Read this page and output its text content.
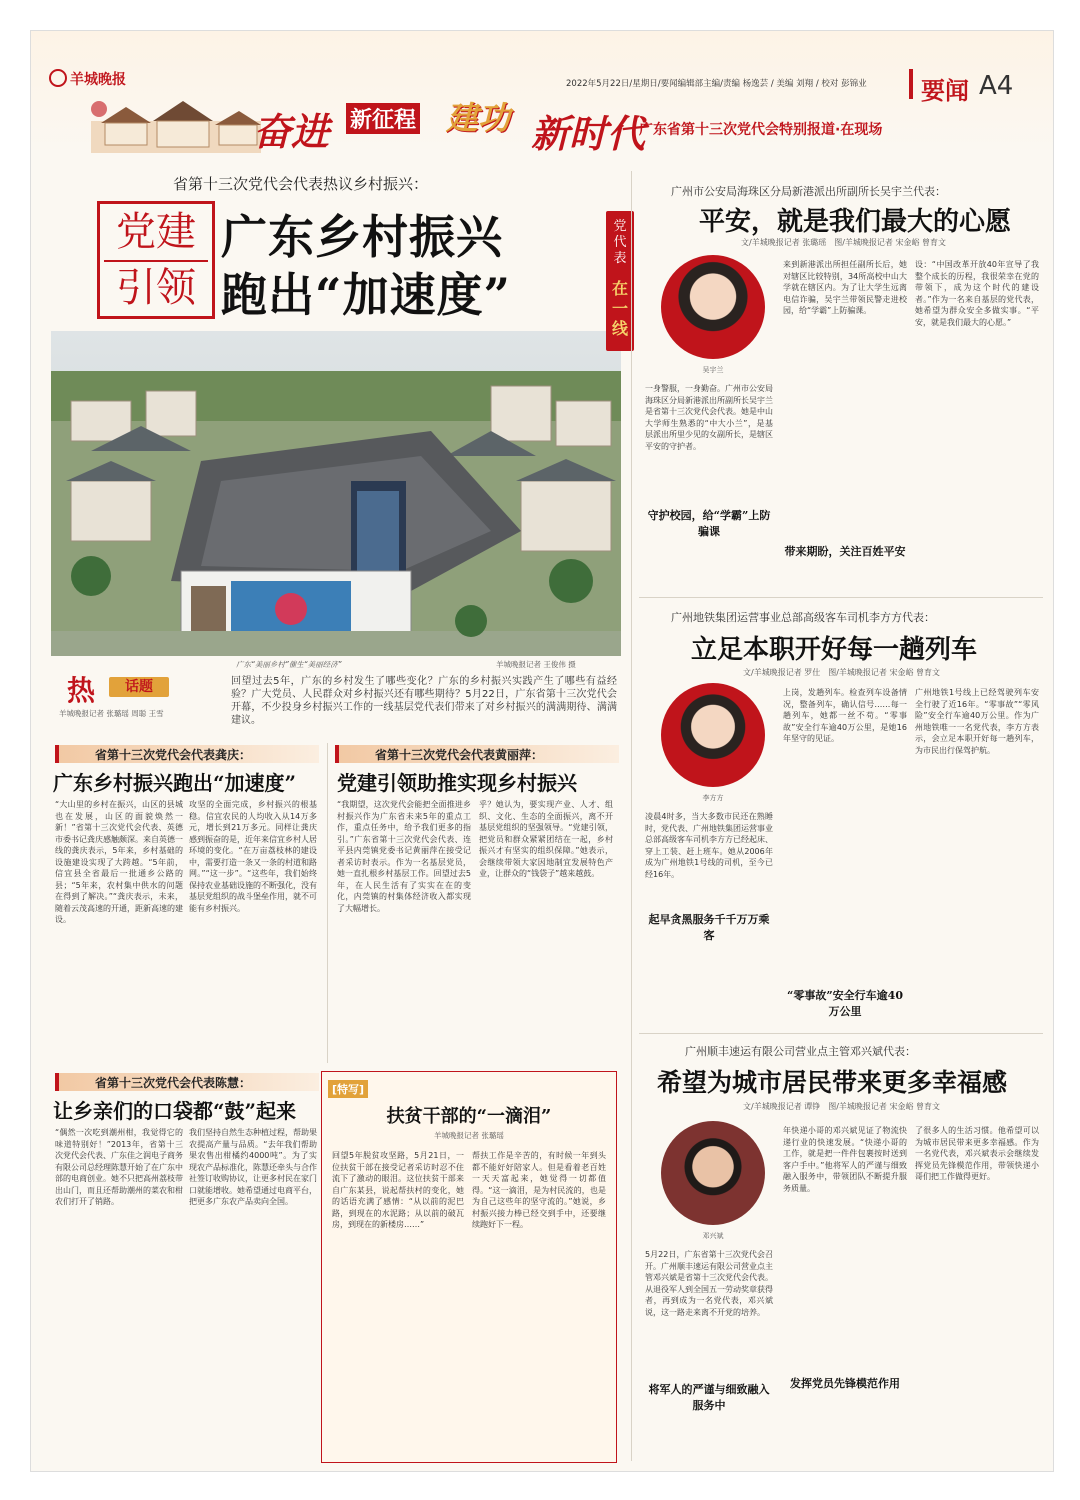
羊城晚报	2022年5月22日/星期日/要闻编辑部主编/责编 杨逸芸 / 美编 刘翔 / 校对 彭锦业 要闻 A4
奋进 新征程 建功 新时代
广东省第十三次党代会特别报道·在现场
省第十三次党代会代表热议乡村振兴：
党建
引领
广东乡村振兴
跑出“加速度”
广东“美丽乡村”催生“美丽经济”	羊城晚报记者 王俊伟 摄
热	话题
羊城晚报记者 张璐瑶 周聪 王雪
回望过去5年，广东的乡村发生了哪些变化？广东的乡村振兴实践产生了哪些有益经验？广大党员、人民群众对乡村振兴还有哪些期待？5月22日，广东省第十三次党代会开幕，不少投身乡村振兴工作的一线基层党代表们带来了对乡村振兴的满满期待、满满建议。
省第十三次党代会代表龚庆：
广东乡村振兴跑出“加速度”
“大山里的乡村在振兴，山区的县城也在发展，山区的面貌焕然一新！”省第十三次党代会代表、英德市委书记龚庆感触颇深。来自英德一线的龚庆表示，5年来，乡村基础的设施建设实现了大跨越。“5年前，信宜县全省最后一批通乡公路的县；“5年来，农村集中供水的问题在得到了解决。”“龚庆表示，未来，随着云茂高速的开通，距新高速的建设。
攻坚的全面完成，乡村振兴的根基稳。信宜农民的人均收入从14万多元，增长到21万多元。同样让龚庆感到振奋的是，近年来信宜乡村人居环境的变化。“在万亩荔枝林的建设中，需要打造一条又一条的村道和路网。”“这一步”。“这些年，我们始终保持农业基础设施的不断强化，没有基层党组织的战斗堡垒作用，就不可能有乡村振兴。
省第十三次党代会代表黄丽萍：
党建引领助推实现乡村振兴
“我期望，这次党代会能把全面推进乡村振兴作为广东省未来5年的重点工作，重点任务中，给予我们更多的指引。”广东省第十三次党代会代表、连平县内莞镇党委书记黄丽萍在接受记者采访时表示。作为一名基层党员，她一直扎根乡村基层工作。回望过去5年，在人民生活有了实实在在的变化，内莞镇的村集体经济收入都实现了大幅增长。
乎？她认为，要实现产业、人才、组织、文化、生态的全面振兴，离不开基层党组织的坚强领导。“党建引领，把党员和群众紧紧团结在一起，乡村振兴才有坚实的组织保障。”她表示，会继续带领大家因地制宜发展特色产业，让群众的“钱袋子”越来越鼓。
省第十三次党代会代表陈慧：
让乡亲们的口袋都“鼓”起来
“偶然一次吃到潮州柑，我觉得它的味道特别好！”2013年，省第十三次党代会代表、广东佳之润电子商务有限公司总经理陈慧开始了在广东中部的电商创业。她不只把高州荔枝带出山门，而且还帮助潮州的菜农和柑农们打开了销路。
我们坚持自然生态种植过程，帮助果农提高产量与品质。“去年我们帮助果农售出柑橘约4000吨”。为了实现农产品标准化，陈慧还牵头与合作社签订收购协议，让更多村民在家门口就能增收。她希望通过电商平台，把更多广东农产品卖向全国。
[特写]
扶贫干部的“一滴泪”
羊城晚报记者 张璐瑶
回望5年脱贫攻坚路，5月21日，一位扶贫干部在接受记者采访时忍不住流下了激动的眼泪。这位扶贫干部来自广东某县，说起帮扶村的变化，她的话语充满了感情：“从以前的泥巴路，到现在的水泥路；从以前的破瓦房，到现在的新楼房……”
帮扶工作是辛苦的，有时候一年到头都不能好好陪家人。但是看着老百姓一天天富起来，她觉得一切都值得。“这一滴泪，是为村民流的，也是为自己这些年的坚守流的。”她说，乡村振兴接力棒已经交到手中，还要继续跑好下一程。
党代表
在一线
广州市公安局海珠区分局新港派出所副所长吴宇兰代表：
平安，就是我们最大的心愿
文/羊城晚报记者 张璐瑶　图/羊城晚报记者 宋金峪 曾育文
吴宇兰
一身警服，一身勤奋。广州市公安局海珠区分局新港派出所副所长吴宇兰是省第十三次党代会代表。她是中山大学师生熟悉的“中大小兰”，是基层派出所里少见的女副所长，是辖区平安的守护者。
守护校园，给“学霸”上防骗课
来到新港派出所担任副所长后，她对辖区比较特别，34所高校中山大学就在辖区内。为了让大学生远离电信诈骗，吴宇兰带领民警走进校园，给“学霸”上防骗课。
带来期盼，关注百姓平安
设：“中国改革开放40年宣导了我整个成长的历程，我很荣幸在党的带领下，成为这个时代的建设者。”作为一名来自基层的党代表，她希望为群众安全多做实事。“平安，就是我们最大的心愿。”
广州地铁集团运营事业总部高级客车司机李方方代表：
立足本职开好每一趟列车
文/羊城晚报记者 罗仕　图/羊城晚报记者 宋金峪 曾育文
李方方
凌晨4时多，当大多数市民还在熟睡时，党代表、广州地铁集团运营事业总部高级客车司机李方方已经起床、穿上工装、赶上班车。她从2006年成为广州地铁1号线的司机，至今已经16年。
起早贪黑服务千千万万乘客
上岗，发趟列车。检查列车设备情况，整备列车，确认信号……每一趟列车，她都一丝不苟。“零事故”安全行车逾40万公里，是她16年坚守的见证。
“零事故”安全行车逾40万公里
广州地铁1号线上已经驾驶列车安全行驶了近16年。“零事故”“零风险”安全行车逾40万公里。作为广州地铁唯一一名党代表，李方方表示，会立足本职开好每一趟列车，为市民出行保驾护航。
广州顺丰速运有限公司营业点主管邓兴斌代表：
希望为城市居民带来更多幸福感
文/羊城晚报记者 谭铮　图/羊城晚报记者 宋金峪 曾育文
邓兴斌
5月22日，广东省第十三次党代会召开。广州顺丰速运有限公司营业点主管邓兴斌是省第十三次党代会代表。从退役军人到全国五一劳动奖章获得者，再到成为一名党代表，邓兴斌说，这一路走来离不开党的培养。
将军人的严谨与细致融入服务中
年快递小哥的邓兴斌见证了物流快递行业的快速发展。“快递小哥的工作，就是把一件件包裹按时送到客户手中。”他将军人的严谨与细致融入服务中，带领团队不断提升服务质量。
发挥党员先锋模范作用
了很多人的生活习惯。他希望可以为城市居民带来更多幸福感。作为一名党代表，邓兴斌表示会继续发挥党员先锋模范作用，带领快递小哥们把工作做得更好。
